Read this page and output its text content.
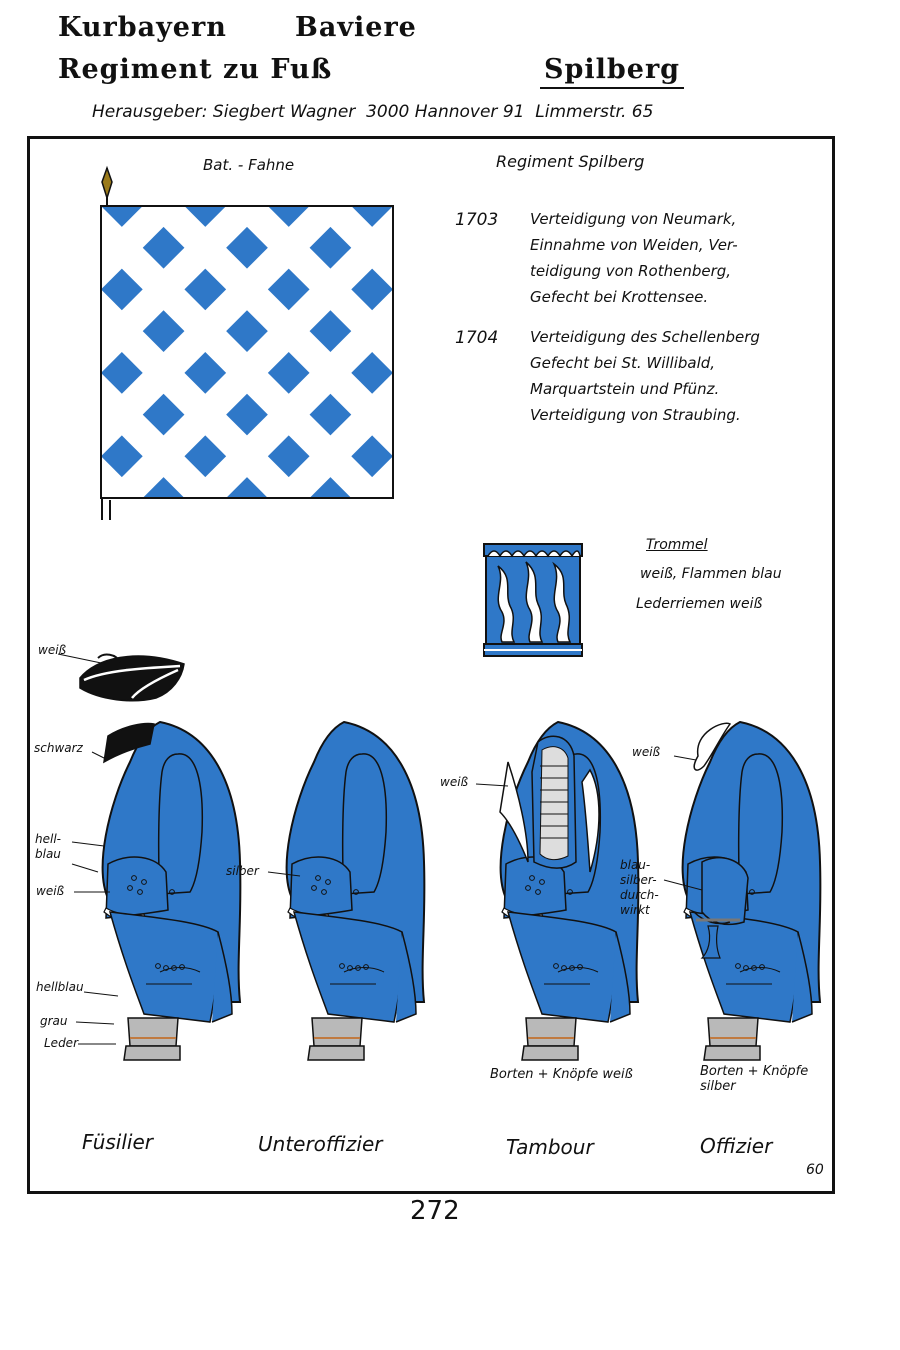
Kurbayern	Baviere
Regiment zu Fuß	Spilberg
Herausgeber: Siegbert Wagner  3000 Hannover 91  Limmerstr. 65
Bat. - Fahne	Regiment Spilberg
1703 Verteidigung von Neumark,
Einnahme von Weiden, Ver-
teidigung von Rothenberg,
Gefecht bei Krottensee.
1704 Verteidigung des Schellenberg
Gefecht bei St. Willibald,
Marquartstein und Pfünz.
Verteidigung von Straubing.
Trommel
weiß, Flammen blau
Lederriemen weiß
weiß
schwarz
hell-
blau
weiß
hellblau
grau
Leder
silber
weiß
Borten + Knöpfe weiß
weiß
blau-
silber-
durch-
wirkt
Borten + Knöpfe
silber
Füsilier	Unteroffizier	Tambour	Offizier
60
272
